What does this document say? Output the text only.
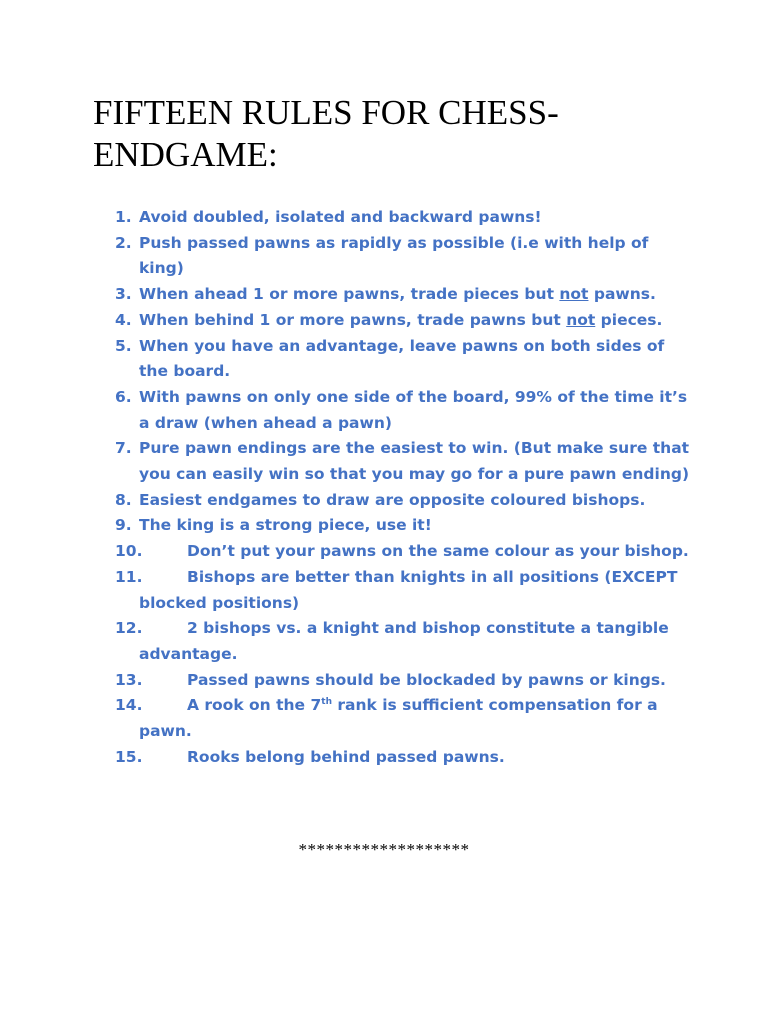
FIFTEEN RULES FOR CHESS-ENDGAME:
1. Avoid doubled, isolated and backward pawns!
2. Push passed pawns as rapidly as possible (i.e with help of king)
3. When ahead 1 or more pawns, trade pieces but not pawns.
4. When behind 1 or more pawns, trade pawns but not pieces.
5. When you have an advantage, leave pawns on both sides of the board.
6. With pawns on only one side of the board, 99% of the time it’s a draw (when ahead a pawn)
7. Pure pawn endings are the easiest to win. (But make sure that you can easily win so that you may go for a pure pawn ending)
8. Easiest endgames to draw are opposite coloured bishops.
9. The king is a strong piece, use it!
10.	Don’t put your pawns on the same colour as your bishop.
11.	Bishops are better than knights in all positions (EXCEPT blocked positions)
12.	2 bishops vs. a knight and bishop constitute a tangible advantage.
13.	Passed pawns should be blockaded by pawns or kings.
14.	A rook on the 7th rank is sufficient compensation for a pawn.
15.	Rooks belong behind passed pawns.
*******************
